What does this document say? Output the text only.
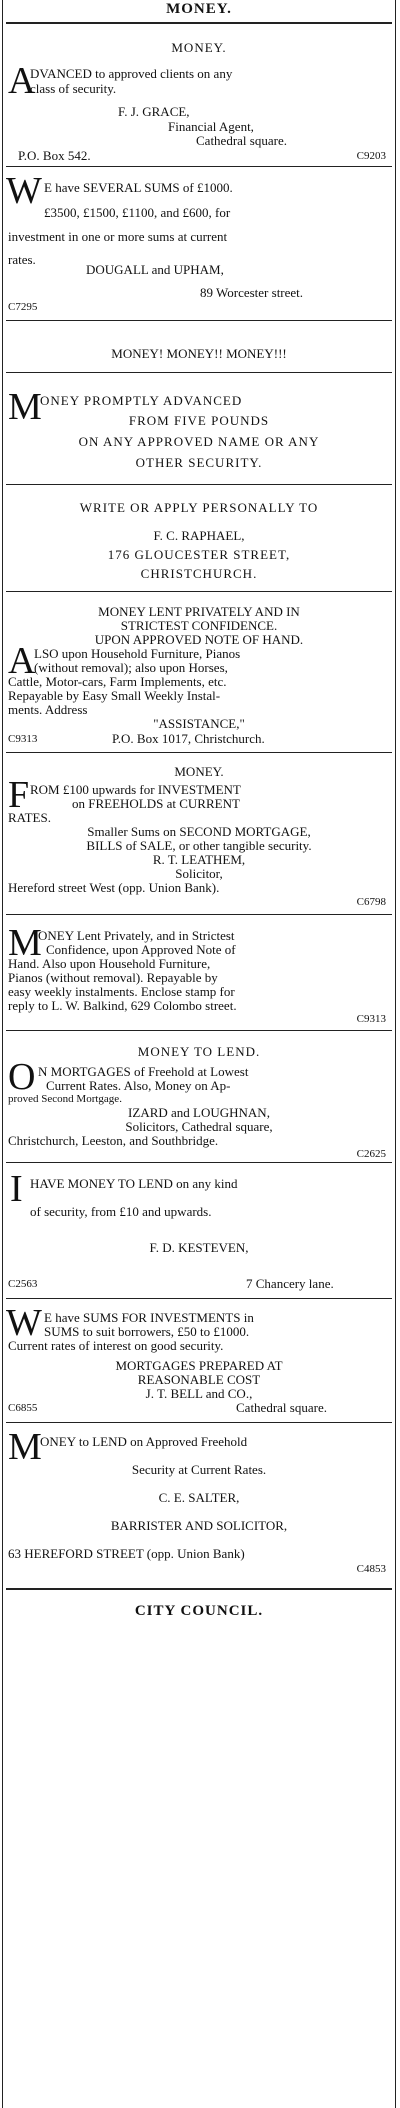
MONEY.
MONEY.
A
DVANCED to approved clients on any
class of security.
F. J. GRACE,
Financial Agent,
Cathedral square.
P.O. Box 542.	C9203
W E have SEVERAL SUMS of £1000.
£3500, £1500, £1100, and £600, for
investment in one or more sums at current
rates.
DOUGALL and UPHAM,
89 Worcester street.
C7295
MONEY! MONEY!! MONEY!!!
M
ONEY PROMPTLY ADVANCED
FROM FIVE POUNDS
ON ANY APPROVED NAME OR ANY
OTHER SECURITY.
WRITE OR APPLY PERSONALLY TO
F. C. RAPHAEL,
176 GLOUCESTER STREET,
CHRISTCHURCH.
MONEY LENT PRIVATELY AND IN
STRICTEST CONFIDENCE.
UPON APPROVED NOTE OF HAND.
A
LSO upon Household Furniture, Pianos
(without removal); also upon Horses,
Cattle, Motor-cars, Farm Implements, etc.
Repayable by Easy Small Weekly Instal-
ments. Address
"ASSISTANCE,"
C9313	P.O. Box 1017, Christchurch.
MONEY.
F ROM £100 upwards for INVESTMENT
on FREEHOLDS at CURRENT
RATES.
Smaller Sums on SECOND MORTGAGE,
BILLS of SALE, or other tangible security.
R. T. LEATHEM,
Solicitor,
Hereford street West (opp. Union Bank).
C6798
M
ONEY Lent Privately, and in Strictest
Confidence, upon Approved Note of
Hand. Also upon Household Furniture,
Pianos (without removal). Repayable by
easy weekly instalments. Enclose stamp for
reply to L. W. Balkind, 629 Colombo street.
C9313
MONEY TO LEND.
O N MORTGAGES of Freehold at Lowest
Current Rates. Also, Money on Ap-
proved Second Mortgage.
IZARD and LOUGHNAN,
Solicitors, Cathedral square,
Christchurch, Leeston, and Southbridge.
C2625
I HAVE MONEY TO LEND on any kind
of security, from £10 and upwards.
F. D. KESTEVEN,
C2563	7 Chancery lane.
W E have SUMS FOR INVESTMENTS in
SUMS to suit borrowers, £50 to £1000.
Current rates of interest on good security.
MORTGAGES PREPARED AT
REASONABLE COST
J. T. BELL and CO.,
C6855	Cathedral square.
M
ONEY to LEND on Approved Freehold
Security at Current Rates.
C. E. SALTER,
BARRISTER AND SOLICITOR,
63 HEREFORD STREET (opp. Union Bank)
C4853
CITY COUNCIL.
